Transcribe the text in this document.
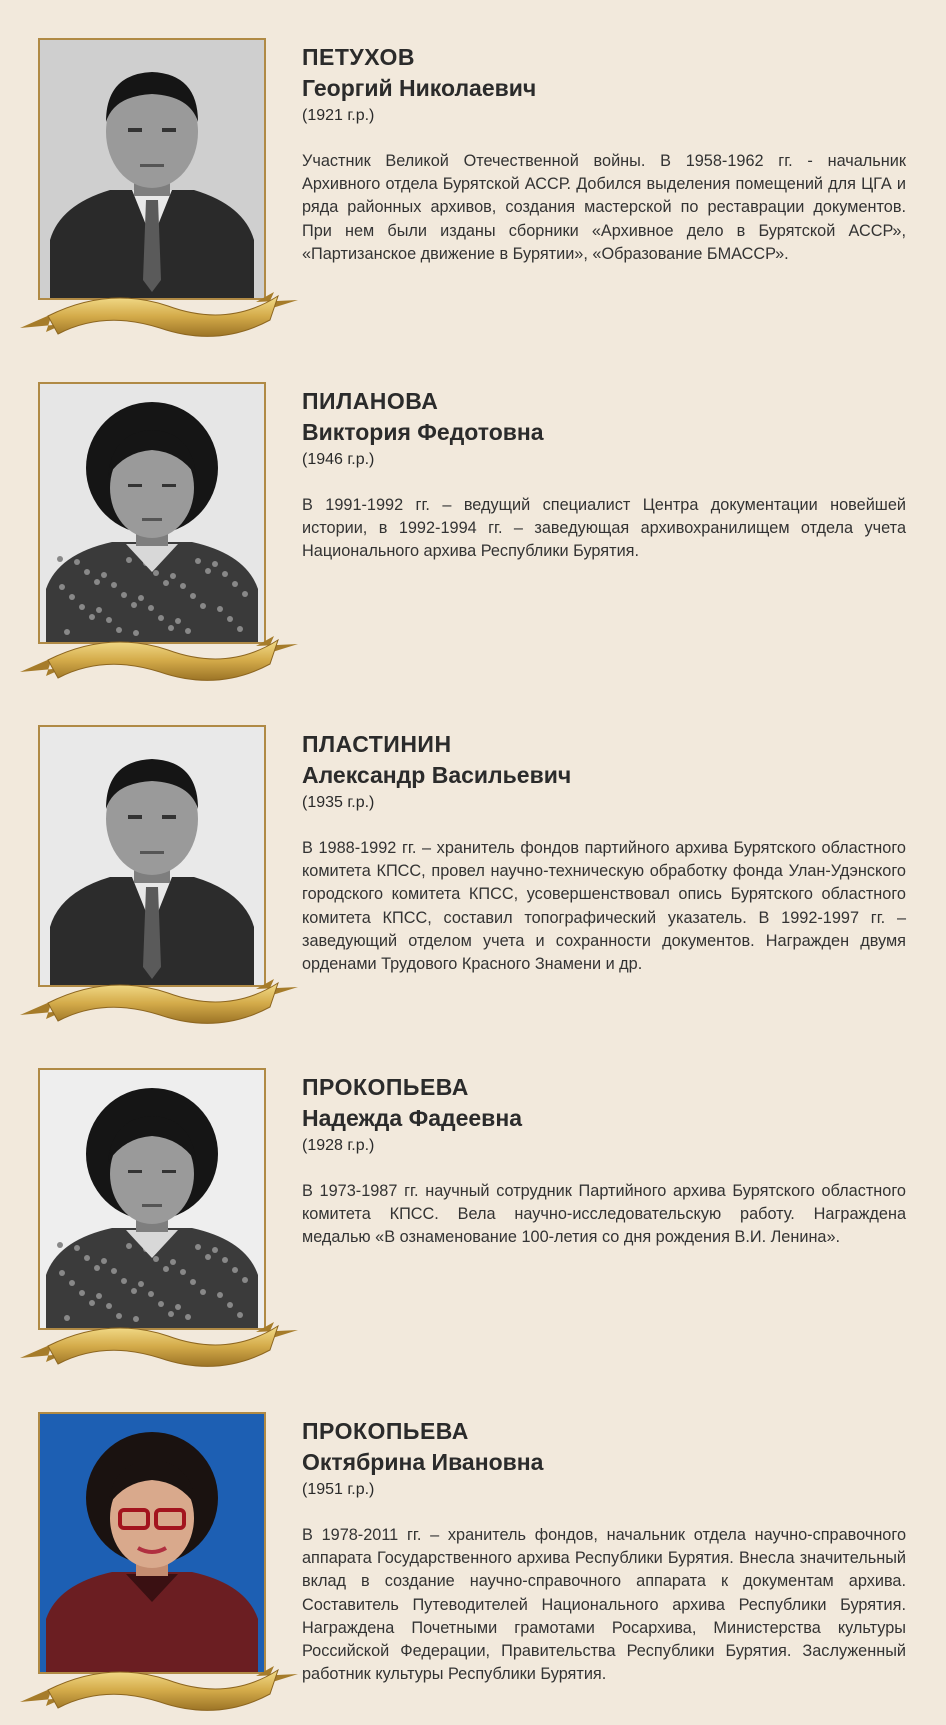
ПЕТУХОВ

Георгий Николаевич

(1921 г.р.)

Участник Великой Отечественной войны. В 1958-1962 гг. - начальник Архивного отдела Бурятской АССР. Добился выделения помещений для ЦГА и ряда районных архивов, создания мастерской по реставрации документов. При нем были изданы сборники «Архивное дело в Бурятской АССР», «Партизанское движение в Бурятии», «Образование БМАССР».

ПИЛАНОВА

Виктория Федотовна

(1946 г.р.)

В 1991-1992 гг. – ведущий специалист Центра документации новейшей истории, в 1992-1994 гг. – заведующая архивохранилищем отдела учета Национального архива Республики Бурятия.

ПЛАСТИНИН

Александр Васильевич

(1935 г.р.)

В 1988-1992 гг. – хранитель фондов партийного архива Бурятского областного комитета КПСС, провел научно-техническую обработку фонда Улан-Удэнского городского комитета КПСС, усовершенствовал опись Бурятского областного комитета КПСС, составил топографический указатель. В 1992-1997 гг. – заведующий отделом учета и сохранности документов. Награжден двумя орденами Трудового Красного Знамени и др.

ПРОКОПЬЕВА

Надежда Фадеевна

(1928 г.р.)

В 1973-1987 гг. научный сотрудник Партийного архива Бурятского областного комитета КПСС. Вела научно-исследовательскую работу. Награждена медалью «В ознаменование 100-летия со дня рождения В.И. Ленина».

ПРОКОПЬЕВА

Октябрина Ивановна

(1951 г.р.)

В 1978-2011 гг. – хранитель фондов, начальник отдела научно-справочного аппарата Государственного архива Республики Бурятия. Внесла значительный вклад в создание научно-справочного аппарата к документам архива. Составитель Путеводителей Национального архива Республики Бурятия. Награждена Почетными грамотами Росархива, Министерства культуры Российской Федерации, Правительства Республики Бурятия. Заслуженный работник культуры Республики Бурятия.
